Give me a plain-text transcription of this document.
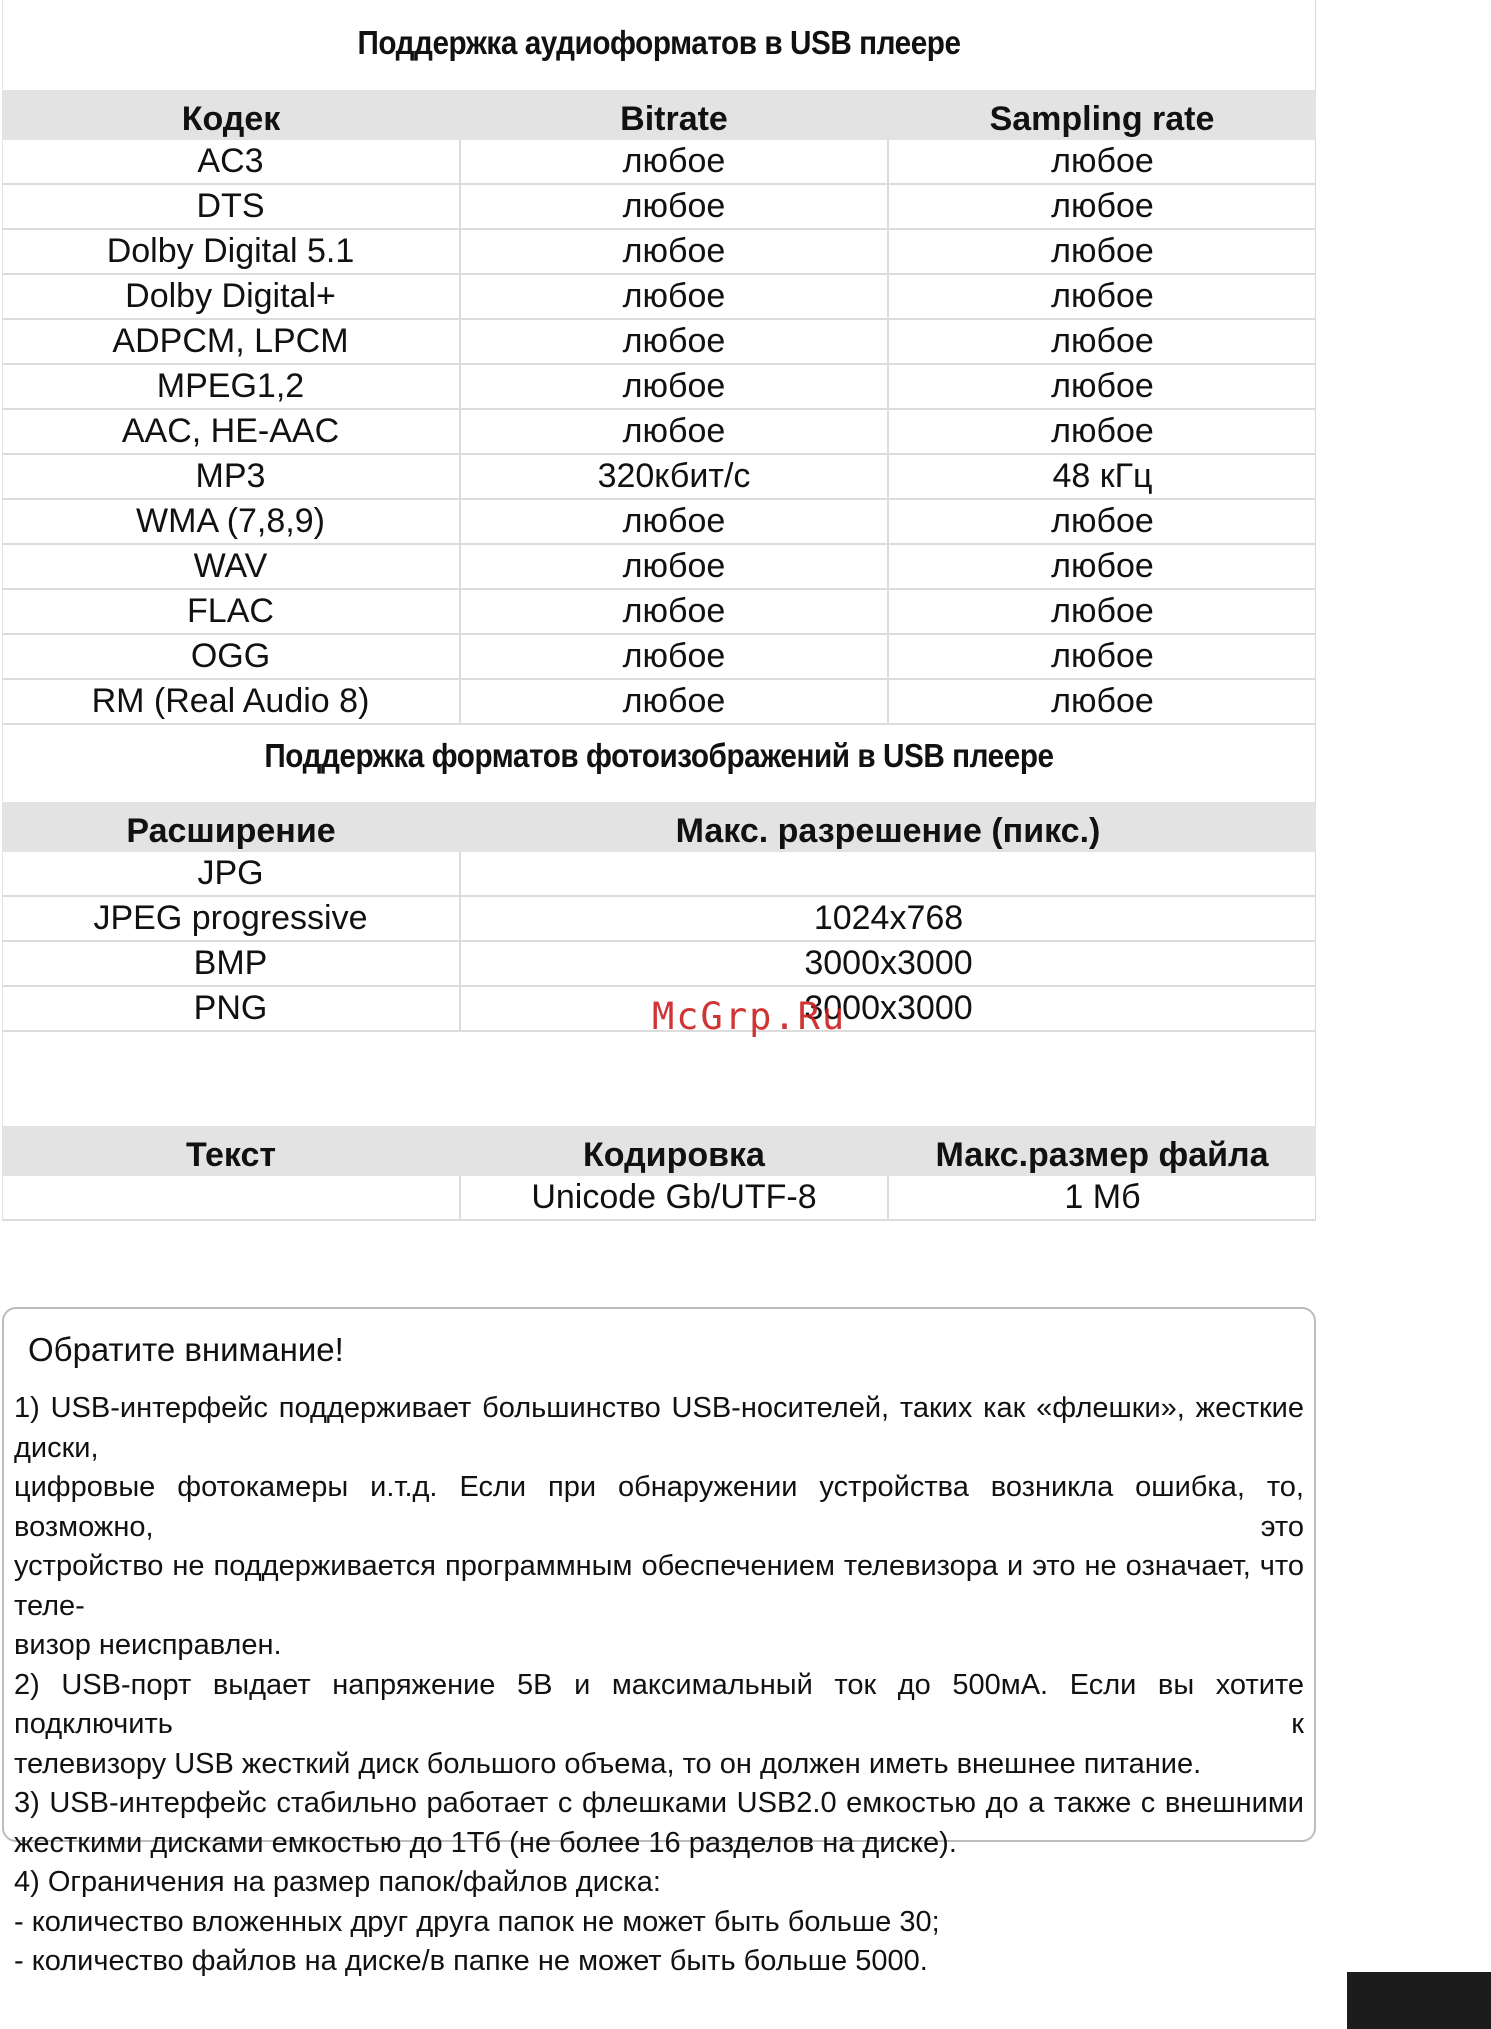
Поддержка аудиоформатов в USB плеере
Кодек	Bitrate	Sampling rate
AC3	любое	любое
DTS	любое	любое
Dolby Digital 5.1	любое	любое
Dolby Digital+	любое	любое
ADPCM, LPCM	любое	любое
MPEG1,2	любое	любое
AAC, HE-AAC	любое	любое
MP3	320кбит/с	48 кГц
WMA (7,8,9)	любое	любое
WAV	любое	любое
FLAC	любое	любое
OGG	любое	любое
RM (Real Audio 8)	любое	любое
Поддержка форматов фотоизображений в USB плеере
Расширение	Макс. разрешение (пикс.)
JPG	
JPEG progressive	1024x768
BMP	3000x3000
PNG	3000x3000
McGrp.Ru
Текст	Кодировка	Макс.размер файла
	Unicode Gb/UTF-8	1 Мб
Обратите внимание!
1) USB-интерфейс поддерживает большинство USB-носителей, таких как «флешки», жесткие диски,
цифровые фотокамеры и.т.д. Если при обнаружении устройства возникла ошибка, то, возможно, это
устройство не поддерживается программным обеспечением телевизора и это не означает, что теле-
визор неисправлен.
2) USB-порт выдает напряжение 5В и максимальный ток до 500мА. Если вы хотите подключить к
телевизору USB жесткий диск большого объема, то он должен иметь внешнее питание.
3) USB-интерфейс стабильно работает с флешками USB2.0 емкостью до а также с внешними
жесткими дисками емкостью до 1Тб (не более 16 разделов на диске).
4) Ограничения на размер папок/файлов диска:
- количество вложенных друг друга папок не может быть больше 30;
- количество файлов на диске/в папке не может быть больше 5000.
